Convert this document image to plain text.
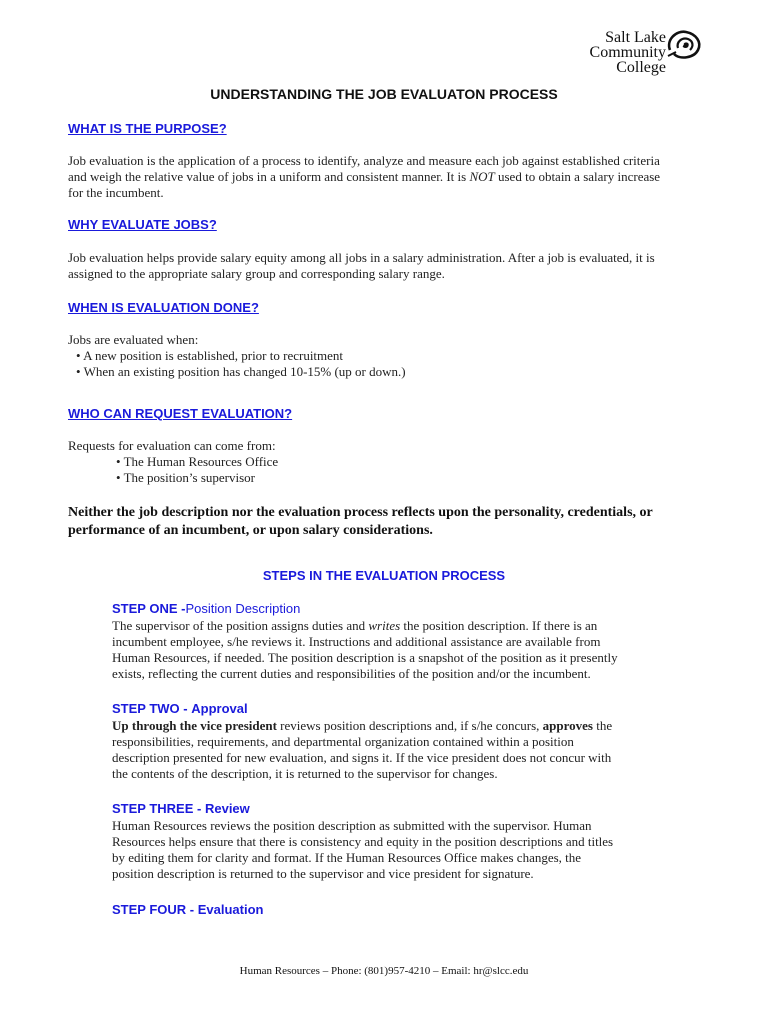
Salt Lake
Community
College
UNDERSTANDING THE JOB EVALUATON PROCESS
WHAT IS THE PURPOSE?
Job evaluation is the application of a process to identify, analyze and measure each job against established criteria
and weigh the relative value of jobs in a uniform and consistent manner. It is NOT used to obtain a salary increase
for the incumbent.
WHY EVALUATE JOBS?
Job evaluation helps provide salary equity among all jobs in a salary administration. After a job is evaluated, it is
assigned to the appropriate salary group and corresponding salary range.
WHEN IS EVALUATION DONE?
Jobs are evaluated when:
• A new position is established, prior to recruitment
• When an existing position has changed 10-15% (up or down.)
WHO CAN REQUEST EVALUATION?
Requests for evaluation can come from:
• The Human Resources Office
• The position’s supervisor
Neither the job description nor the evaluation process reflects upon the personality, credentials, or
performance of an incumbent, or upon salary considerations.
STEPS IN THE EVALUATION PROCESS
STEP ONE -Position Description
The supervisor of the position assigns duties and writes the position description. If there is an
incumbent employee, s/he reviews it. Instructions and additional assistance are available from
Human Resources, if needed. The position description is a snapshot of the position as it presently
exists, reflecting the current duties and responsibilities of the position and/or the incumbent.
STEP TWO - Approval
Up through the vice president reviews position descriptions and, if s/he concurs, approves the
responsibilities, requirements, and departmental organization contained within a position
description presented for new evaluation, and signs it. If the vice president does not concur with
the contents of the description, it is returned to the supervisor for changes.
STEP THREE - Review
Human Resources reviews the position description as submitted with the supervisor. Human
Resources helps ensure that there is consistency and equity in the position descriptions and titles
by editing them for clarity and format. If the Human Resources Office makes changes, the
position description is returned to the supervisor and vice president for signature.
STEP FOUR - Evaluation
Human Resources – Phone: (801)957-4210 – Email: hr@slcc.edu
